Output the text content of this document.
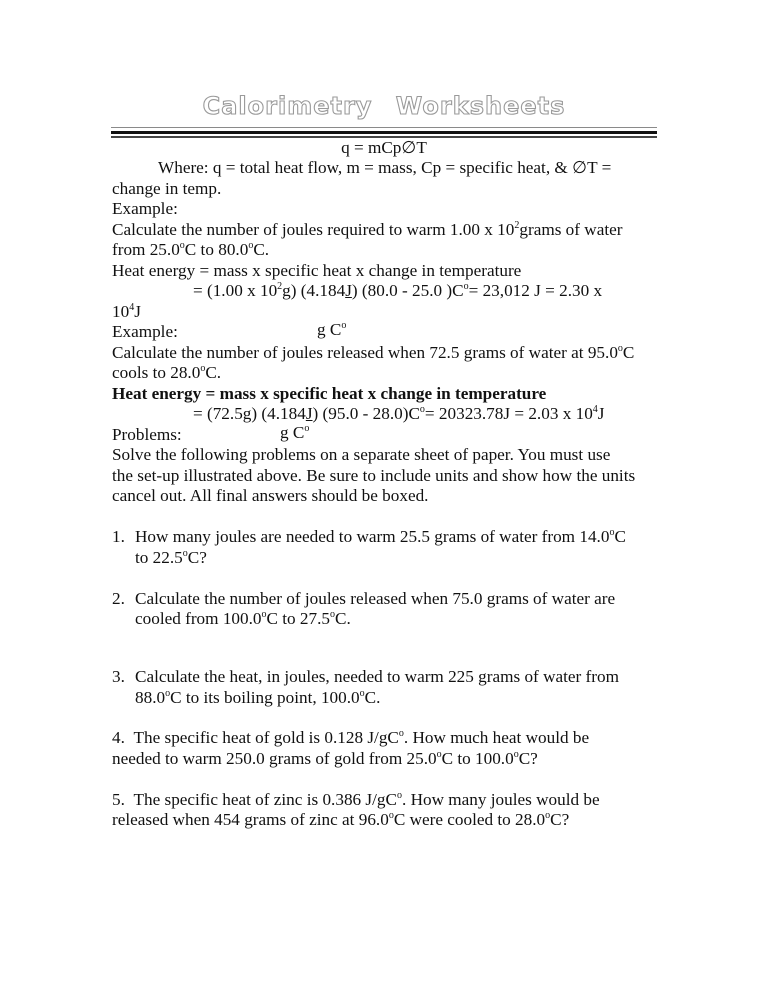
Calorimetry Worksheets
q = mCp∅T
Where: q = total heat flow, m = mass, Cp = specific heat, & ∅T =
change in temp.
Example:
Calculate the number of joules required to warm 1.00 x $10^2grams$ of water
from 25.0$^o$C to 80.0$^o$C.
Heat energy = mass x specific heat x change in temperature
= (1.00 x $10^2g$) (4.184J) (80.0 - 25.0 )$C^o= 23,012$ J = 2.30 x
$10^4J$
Example:	g $C^o$
Calculate the number of joules released when 72.5 grams of water at 95.0$^o$C
cools to 28.0$^o$C.
Heat energy = mass x specific heat x change in temperature
= (72.5g) (4.184J) $(95.0 - 28.0)C^o= 20323.78J = 2.03$ x $10^4J$
Problems:	g $C^o$
Solve the following problems on a separate sheet of paper. You must use
the set-up illustrated above. Be sure to include units and show how the units
cancel out. All final answers should be boxed.
1. How many joules are needed to warm 25.5 grams of water from 14.0$^o$C
to 22.5$^o$C?
2. Calculate the number of joules released when 75.0 grams of water are
cooled from 100.0$^o$C to 27.5$^o$C.
3. Calculate the heat, in joules, needed to warm 225 grams of water from
88.0$^o$C to its boiling point, 100.0$^o$C.
4. The specific heat of gold is 0.128 $J/gC^o$. How much heat would be
needed to warm 250.0 grams of gold from 25.0$^o$C to 100.0$^o$C?
5. The specific heat of zinc is 0.386 $J/gC^o$. How many joules would be
released when 454 grams of zinc at 96.0$^o$C were cooled to 28.0$^o$C?
